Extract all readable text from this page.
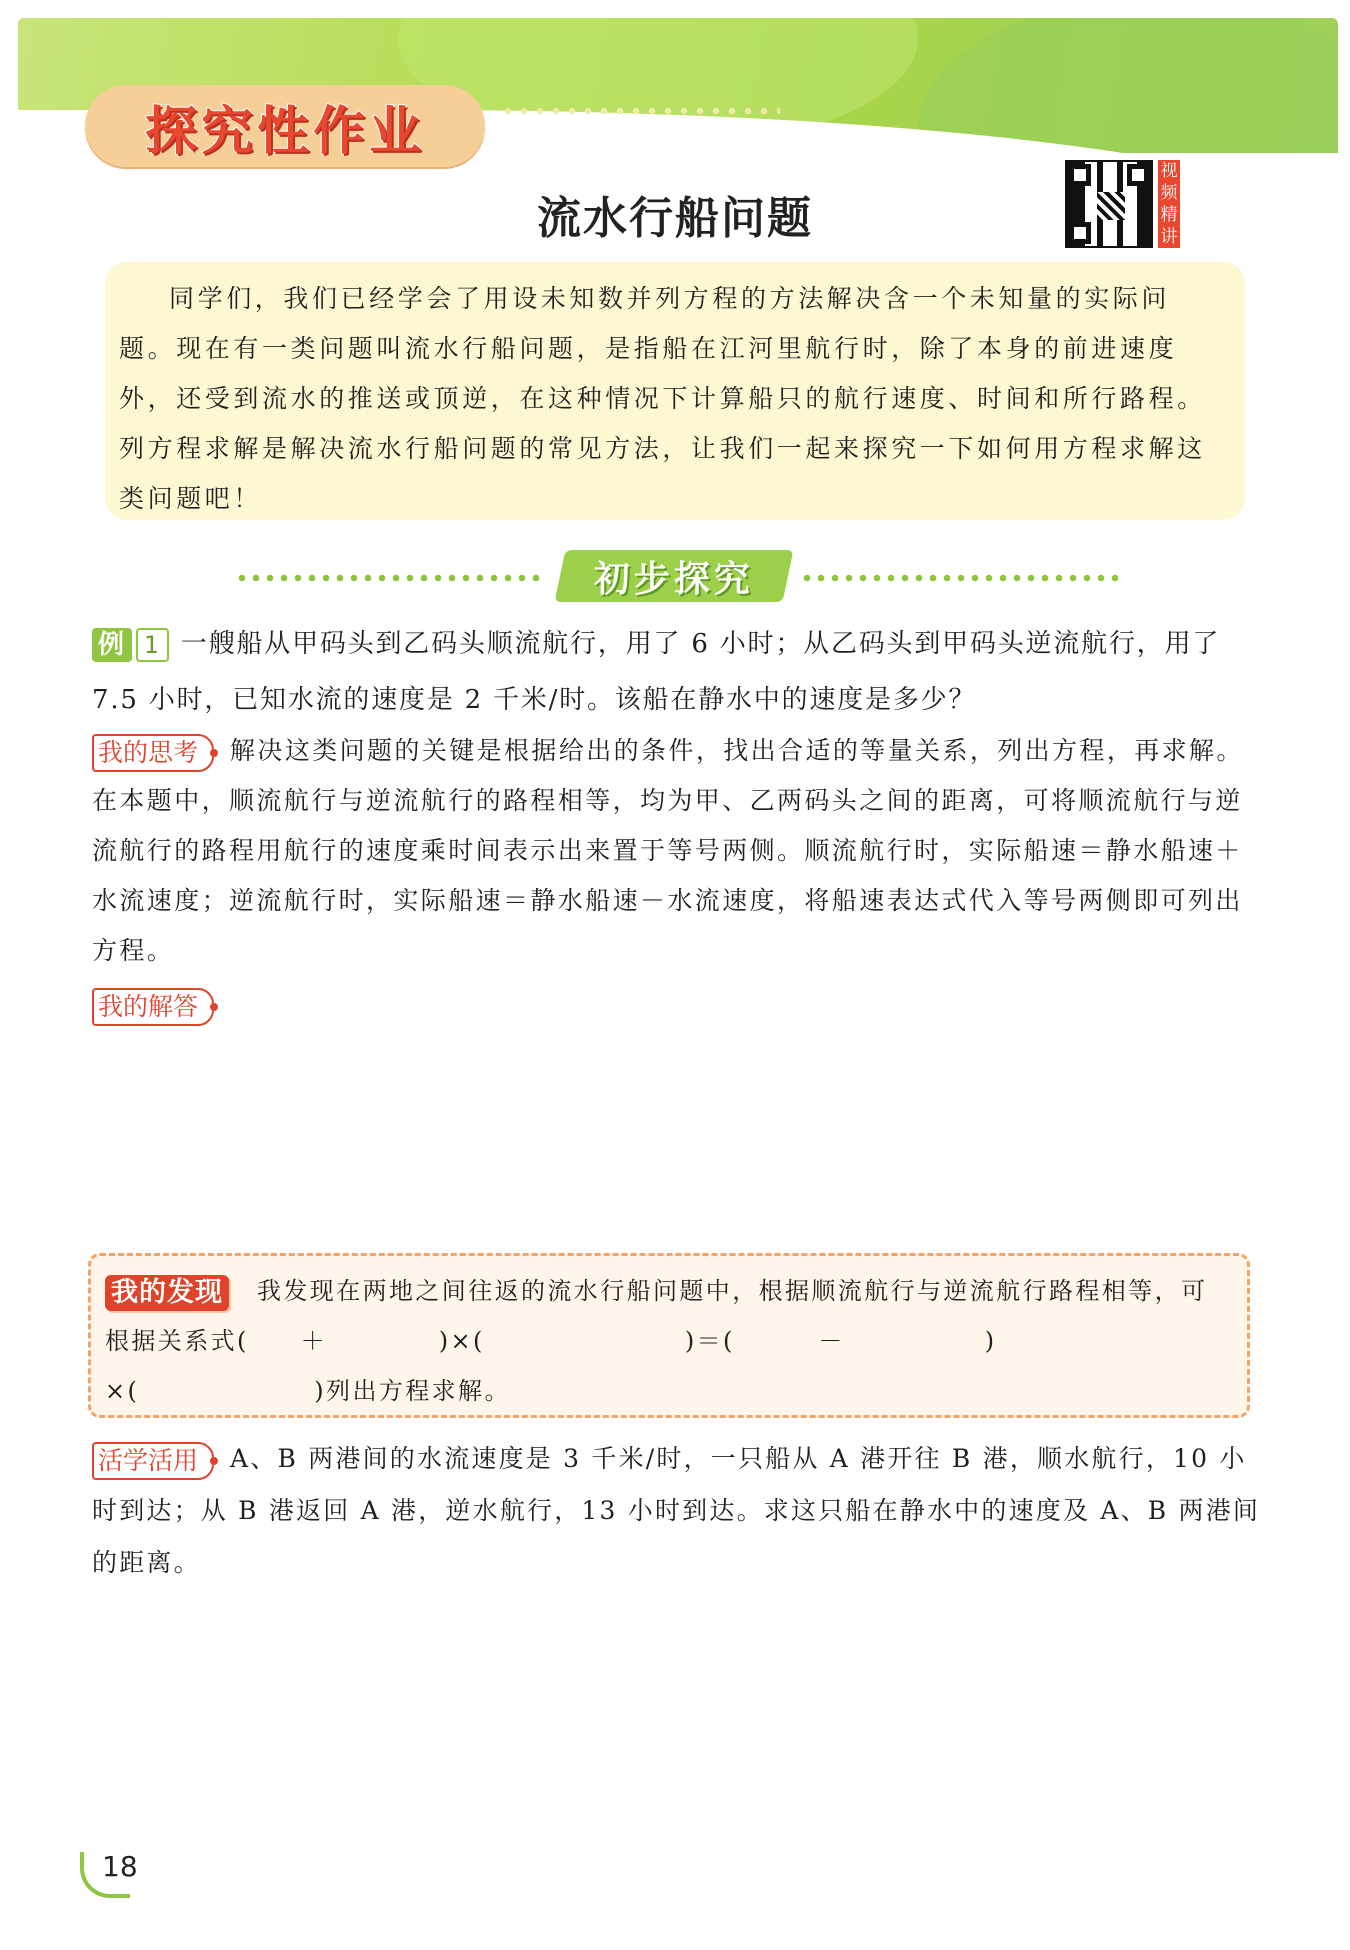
探究性作业
流水行船问题
视频精讲

同学们，我们已经学会了用设未知数并列方程的方法解决含一个未知量的实际问题。现在有一类问题叫流水行船问题，是指船在江河里航行时，除了本身的前进速度外，还受到流水的推送或顶逆，在这种情况下计算船只的航行速度、时间和所行路程。列方程求解是解决流水行船问题的常见方法，让我们一起来探究一下如何用方程求解这类问题吧！

初步探究
例 1 一艘船从甲码头到乙码头顺流航行，用了 6 小时；从乙码头到甲码头逆流航行，用了 7.5 小时，已知水流的速度是 2 千米/时。该船在静水中的速度是多少？
我的思考 解决这类问题的关键是根据给出的条件，找出合适的等量关系，列出方程，再求解。在本题中，顺流航行与逆流航行的路程相等，均为甲、乙两码头之间的距离，可将顺流航行与逆流航行的路程用航行的速度乘时间表示出来置于等号两侧。顺流航行时，实际船速＝静水船速＋水流速度；逆流航行时，实际船速＝静水船速－水流速度，将船速表达式代入等号两侧即可列出方程。
我的解答
我的发现 我发现在两地之间往返的流水行船问题中，根据顺流航行与逆流航行路程相等，可根据关系式( ＋	)×(	)＝(	－	)
×(	)列出方程求解。
活学活用 A、B 两港间的水流速度是 3 千米/时，一只船从 A 港开往 B 港，顺水航行，10 小时到达；从 B 港返回 A 港，逆水航行，13 小时到达。求这只船在静水中的速度及 A、B 两港间的距离。
18
